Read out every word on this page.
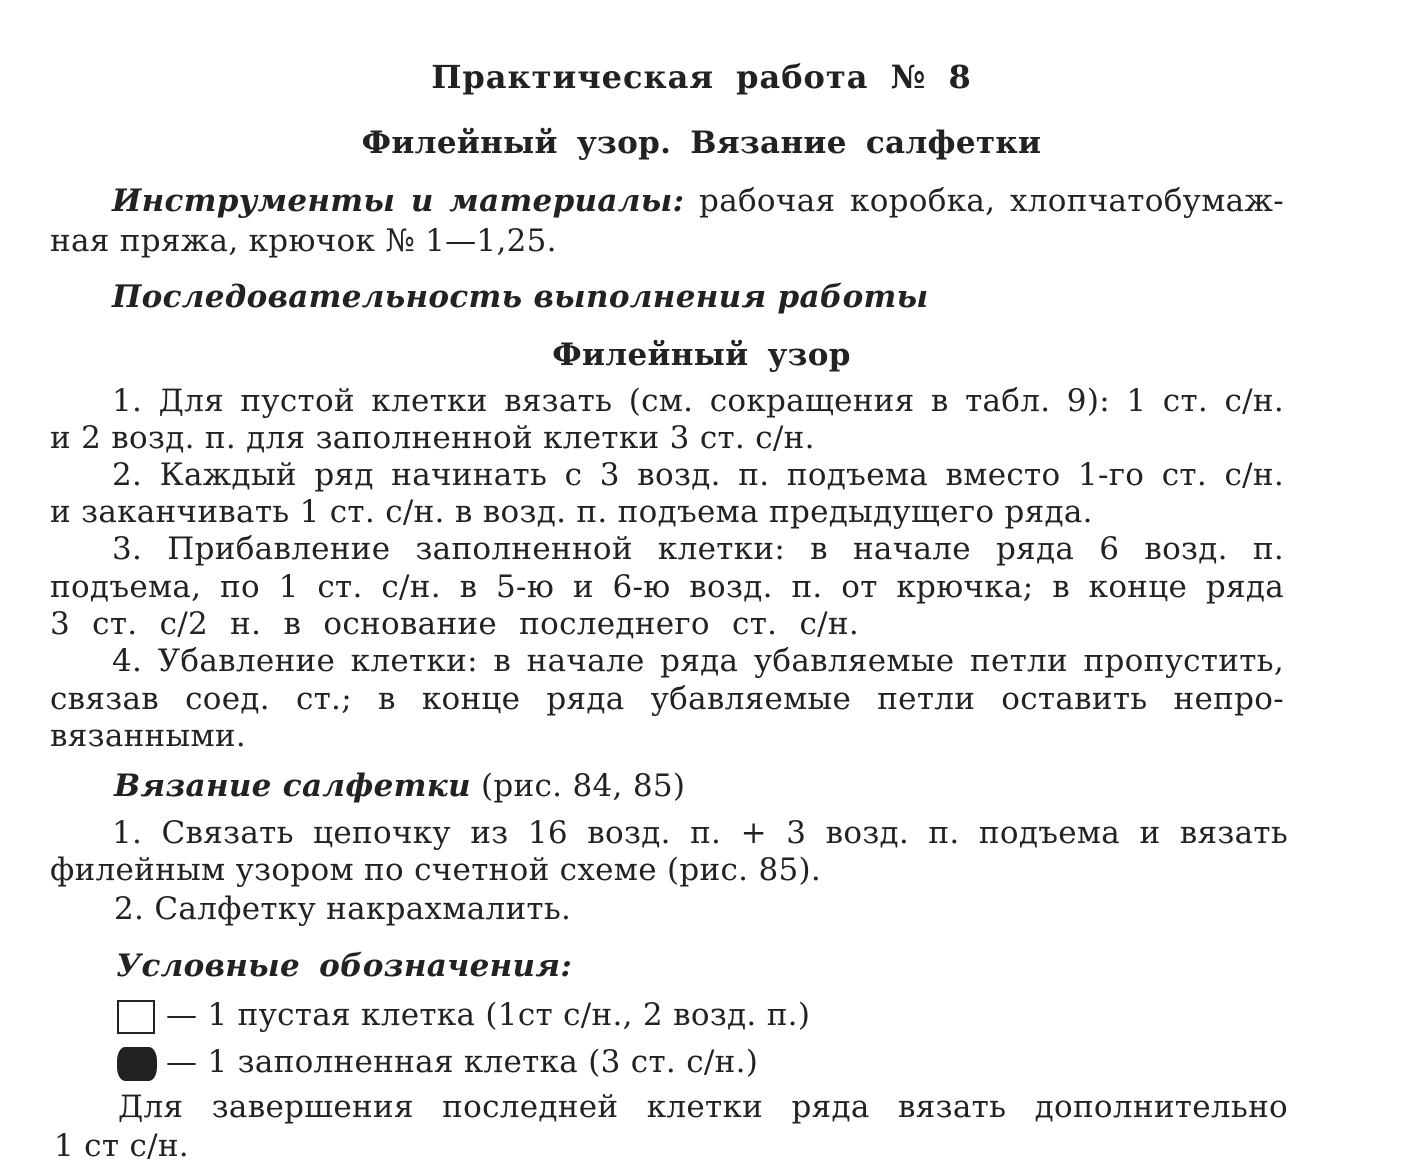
Практическая работа № 8
Филейный узор. Вязание салфетки
Инструменты и материалы: рабочая коробка, хлопчатобумаж-
ная пряжа, крючок № 1—1,25.
Последовательность выполнения работы
Филейный узор
1. Для пустой клетки вязать (см. сокращения в табл. 9): 1 ст. с/н.
и 2 возд. п. для заполненной клетки 3 ст. с/н.
2. Каждый ряд начинать с 3 возд. п. подъема вместо 1-го ст. с/н.
и заканчивать 1 ст. с/н. в возд. п. подъема предыдущего ряда.
3. Прибавление заполненной клетки: в начале ряда 6 возд. п.
подъема, по 1 ст. с/н. в 5-ю и 6-ю возд. п. от крючка; в конце ряда
3 ст. с/2 н. в основание последнего ст. с/н.
4. Убавление клетки: в начале ряда убавляемые петли пропустить,
связав соед. ст.; в конце ряда убавляемые петли оставить непро-
вязанными.
Вязание салфетки (рис. 84, 85)
1. Связать цепочку из 16 возд. п. + 3 возд. п. подъема и вязать
филейным узором по счетной схеме (рис. 85).
2. Салфетку накрахмалить.
Условные обозначения:
— 1 пустая клетка (1ст с/н., 2 возд. п.)
— 1 заполненная клетка (3 ст. с/н.)
Для завершения последней клетки ряда вязать дополнительно
1 ст с/н.
